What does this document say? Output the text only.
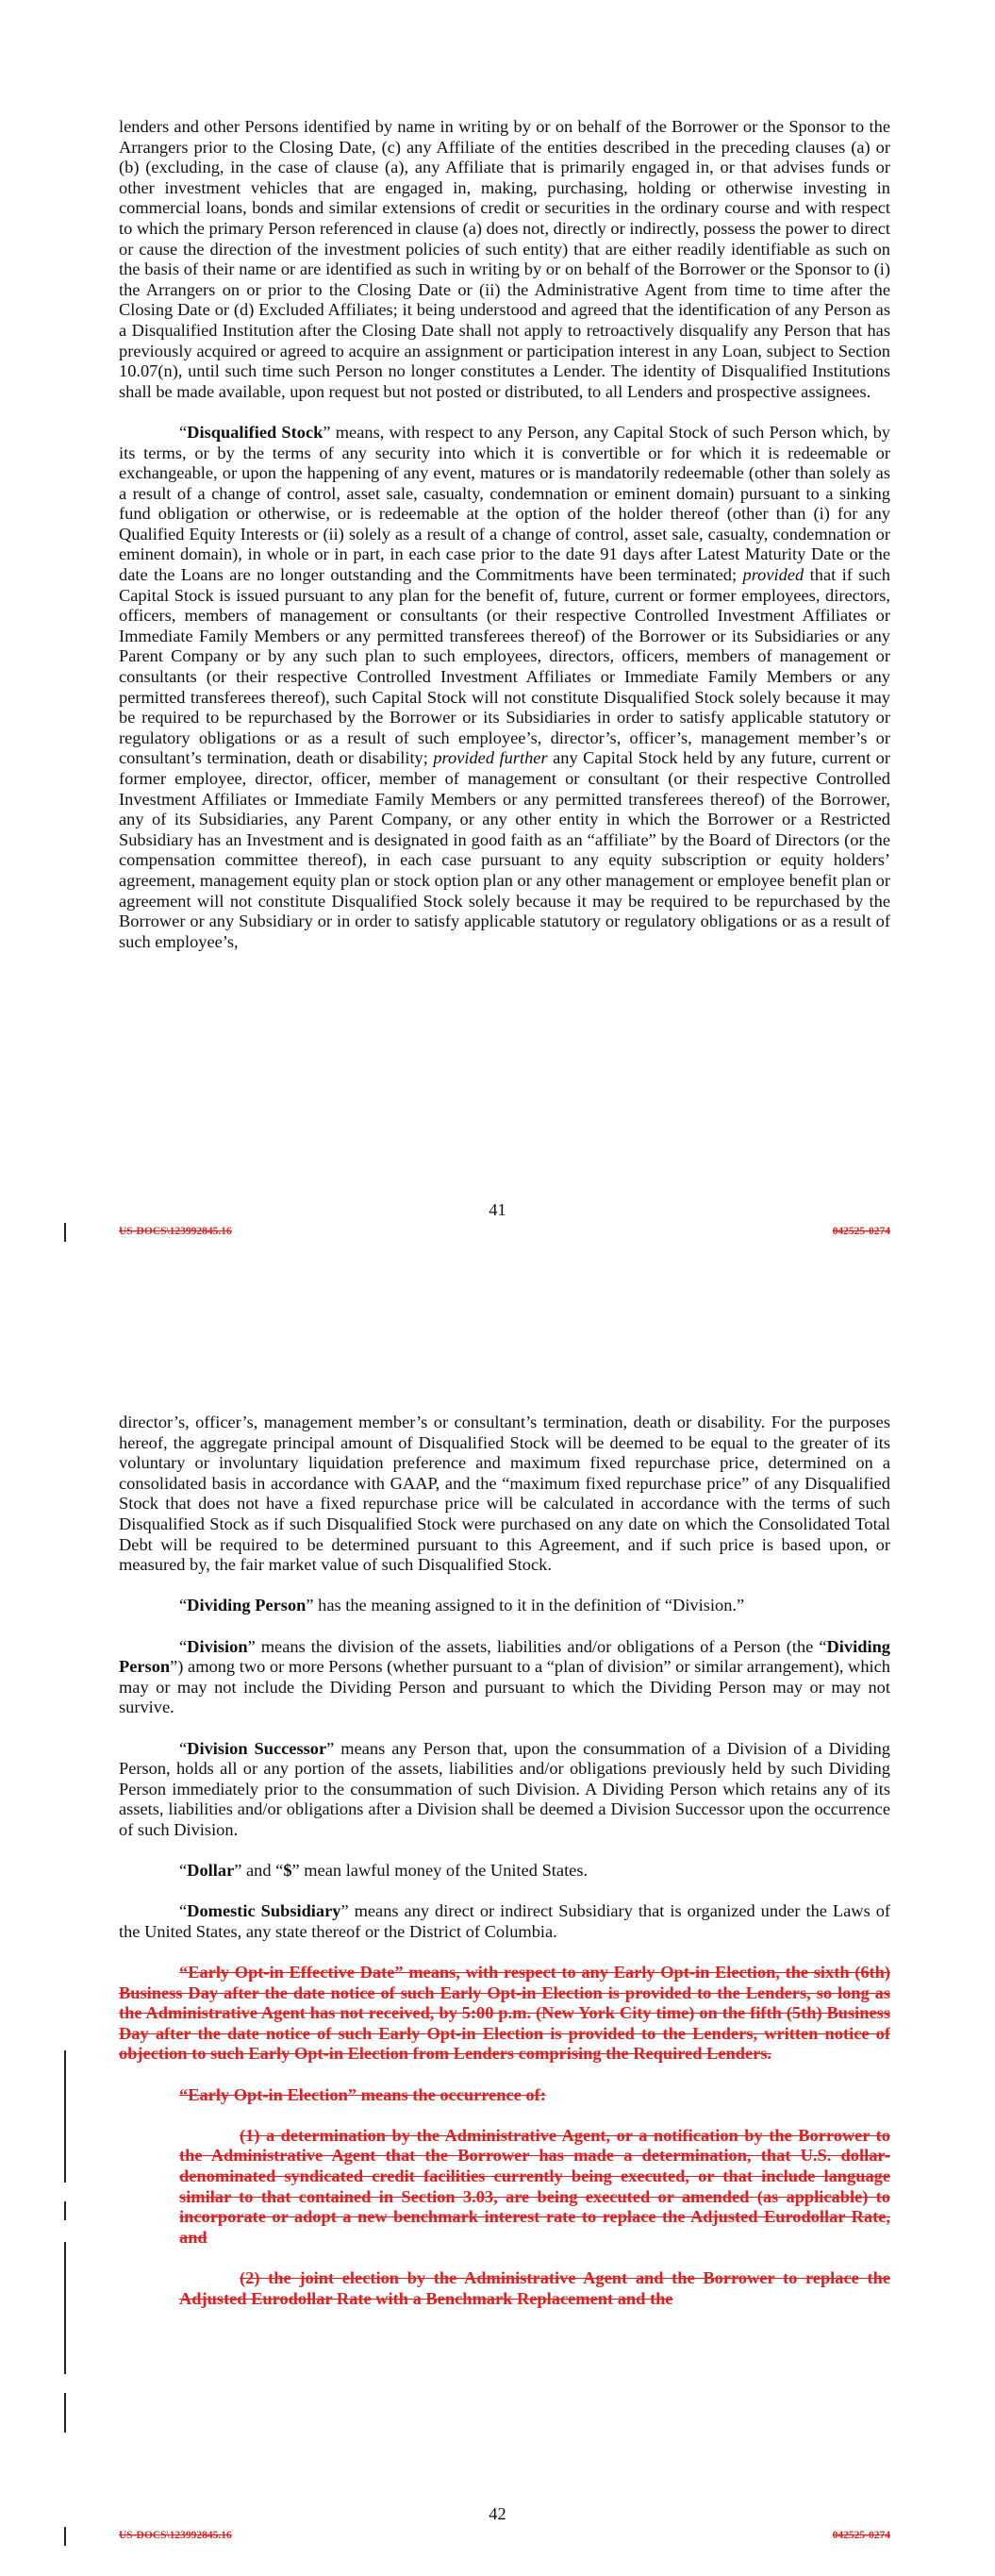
lenders and other Persons identified by name in writing by or on behalf of the Borrower or the Sponsor to the Arrangers prior to the Closing Date, (c) any Affiliate of the entities described in the preceding clauses (a) or (b) (excluding, in the case of clause (a), any Affiliate that is primarily engaged in, or that advises funds or other investment vehicles that are engaged in, making, purchasing, holding or otherwise investing in commercial loans, bonds and similar extensions of credit or securities in the ordinary course and with respect to which the primary Person referenced in clause (a) does not, directly or indirectly, possess the power to direct or cause the direction of the investment policies of such entity) that are either readily identifiable as such on the basis of their name or are identified as such in writing by or on behalf of the Borrower or the Sponsor to (i) the Arrangers on or prior to the Closing Date or (ii) the Administrative Agent from time to time after the Closing Date or (d) Excluded Affiliates; it being understood and agreed that the identification of any Person as a Disqualified Institution after the Closing Date shall not apply to retroactively disqualify any Person that has previously acquired or agreed to acquire an assignment or participation interest in any Loan, subject to Section 10.07(n), until such time such Person no longer constitutes a Lender. The identity of Disqualified Institutions shall be made available, upon request but not posted or distributed, to all Lenders and prospective assignees.

“Disqualified Stock” means, with respect to any Person, any Capital Stock of such Person which, by its terms, or by the terms of any security into which it is convertible or for which it is redeemable or exchangeable, or upon the happening of any event, matures or is mandatorily redeemable (other than solely as a result of a change of control, asset sale, casualty, condemnation or eminent domain) pursuant to a sinking fund obligation or otherwise, or is redeemable at the option of the holder thereof (other than (i) for any Qualified Equity Interests or (ii) solely as a result of a change of control, asset sale, casualty, condemnation or eminent domain), in whole or in part, in each case prior to the date 91 days after Latest Maturity Date or the date the Loans are no longer outstanding and the Commitments have been terminated; provided that if such Capital Stock is issued pursuant to any plan for the benefit of, future, current or former employees, directors, officers, members of management or consultants (or their respective Controlled Investment Affiliates or Immediate Family Members or any permitted transferees thereof) of the Borrower or its Subsidiaries or any Parent Company or by any such plan to such employees, directors, officers, members of management or consultants (or their respective Controlled Investment Affiliates or Immediate Family Members or any permitted transferees thereof), such Capital Stock will not constitute Disqualified Stock solely because it may be required to be repurchased by the Borrower or its Subsidiaries in order to satisfy applicable statutory or regulatory obligations or as a result of such employee’s, director’s, officer’s, management member’s or consultant’s termination, death or disability; provided further any Capital Stock held by any future, current or former employee, director, officer, member of management or consultant (or their respective Controlled Investment Affiliates or Immediate Family Members or any permitted transferees thereof) of the Borrower, any of its Subsidiaries, any Parent Company, or any other entity in which the Borrower or a Restricted Subsidiary has an Investment and is designated in good faith as an “affiliate” by the Board of Directors (or the compensation committee thereof), in each case pursuant to any equity subscription or equity holders’ agreement, management equity plan or stock option plan or any other management or employee benefit plan or agreement will not constitute Disqualified Stock solely because it may be required to be repurchased by the Borrower or any Subsidiary or in order to satisfy applicable statutory or regulatory obligations or as a result of such employee’s,

41
US-DOCS\123992845.16	042525-0274

director’s, officer’s, management member’s or consultant’s termination, death or disability. For the purposes hereof, the aggregate principal amount of Disqualified Stock will be deemed to be equal to the greater of its voluntary or involuntary liquidation preference and maximum fixed repurchase price, determined on a consolidated basis in accordance with GAAP, and the “maximum fixed repurchase price” of any Disqualified Stock that does not have a fixed repurchase price will be calculated in accordance with the terms of such Disqualified Stock as if such Disqualified Stock were purchased on any date on which the Consolidated Total Debt will be required to be determined pursuant to this Agreement, and if such price is based upon, or measured by, the fair market value of such Disqualified Stock.

“Dividing Person” has the meaning assigned to it in the definition of “Division.”

“Division” means the division of the assets, liabilities and/or obligations of a Person (the “Dividing Person”) among two or more Persons (whether pursuant to a “plan of division” or similar arrangement), which may or may not include the Dividing Person and pursuant to which the Dividing Person may or may not survive.

“Division Successor” means any Person that, upon the consummation of a Division of a Dividing Person, holds all or any portion of the assets, liabilities and/or obligations previously held by such Dividing Person immediately prior to the consummation of such Division. A Dividing Person which retains any of its assets, liabilities and/or obligations after a Division shall be deemed a Division Successor upon the occurrence of such Division.

“Dollar” and “$” mean lawful money of the United States.

“Domestic Subsidiary” means any direct or indirect Subsidiary that is organized under the Laws of the United States, any state thereof or the District of Columbia.

“Early Opt-in Effective Date” means, with respect to any Early Opt-in Election, the sixth (6th) Business Day after the date notice of such Early Opt-in Election is provided to the Lenders, so long as the Administrative Agent has not received, by 5:00 p.m. (New York City time) on the fifth (5th) Business Day after the date notice of such Early Opt-in Election is provided to the Lenders, written notice of objection to such Early Opt-in Election from Lenders comprising the Required Lenders.

“Early Opt-in Election” means the occurrence of:

(1) a determination by the Administrative Agent, or a notification by the Borrower to the Administrative Agent that the Borrower has made a determination, that U.S. dollar-denominated syndicated credit facilities currently being executed, or that include language similar to that contained in Section 3.03, are being executed or amended (as applicable) to incorporate or adopt a new benchmark interest rate to replace the Adjusted Eurodollar Rate, and

(2) the joint election by the Administrative Agent and the Borrower to replace the Adjusted Eurodollar Rate with a Benchmark Replacement and the

42
US-DOCS\123992845.16	042525-0274
